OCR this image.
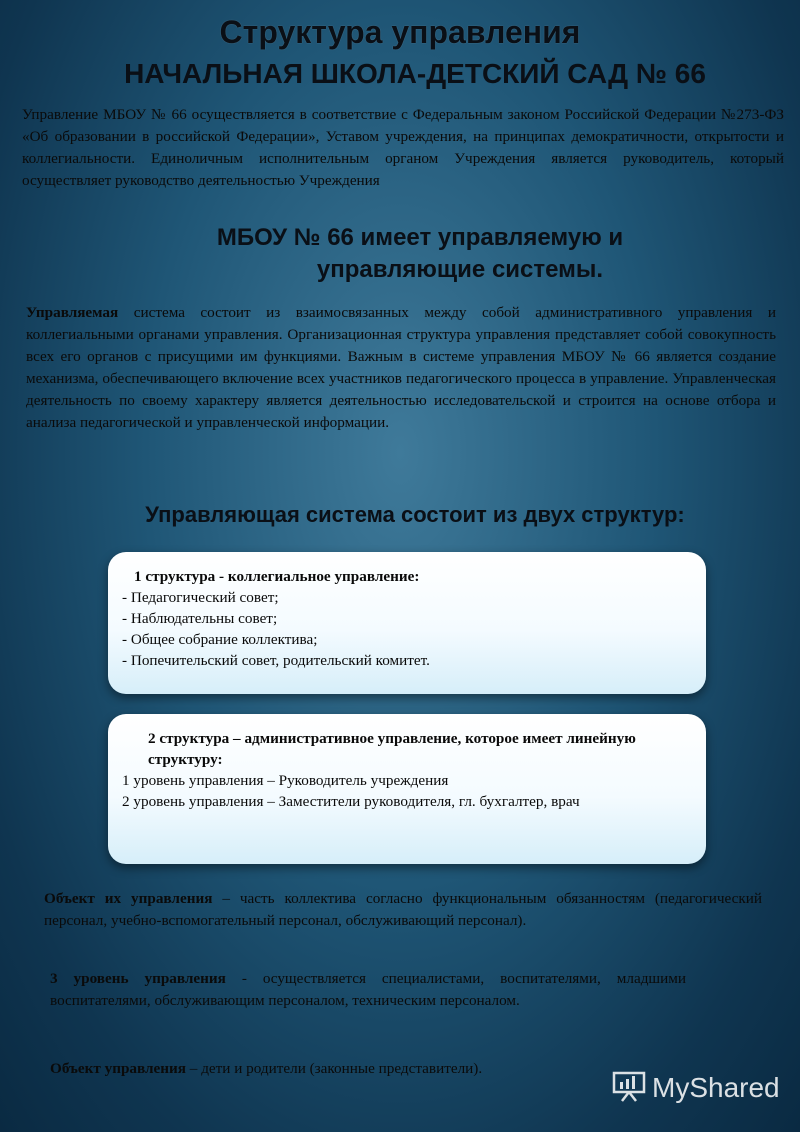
Структура управления
НАЧАЛЬНАЯ ШКОЛА-ДЕТСКИЙ САД № 66
Управление МБОУ № 66 осуществляется в соответствие с Федеральным законом Российской Федерации №273-ФЗ «Об образовании в российской Федерации», Уставом учреждения, на принципах демократичности, открытости и коллегиальности. Единоличным исполнительным органом Учреждения является руководитель, который осуществляет руководство деятельностью Учреждения
МБОУ № 66 имеет управляемую и
управляющие системы.
Управляемая система состоит из взаимосвязанных между собой административного управления и коллегиальными органами управления. Организационная структура управления представляет собой совокупность всех его органов с присущими им функциями. Важным в системе управления МБОУ № 66 является создание механизма, обеспечивающего включение всех участников педагогического процесса в управление. Управленческая деятельность по своему характеру является деятельностью исследовательской и строится на основе отбора и анализа педагогической и управленческой информации.
Управляющая система состоит из двух структур:
1 структура - коллегиальное управление:
- Педагогический совет;
- Наблюдательны совет;
- Общее собрание коллектива;
- Попечительский совет, родительский комитет.
2 структура – административное управление, которое имеет линейную структуру:
1 уровень управления – Руководитель учреждения
2 уровень управления – Заместители руководителя, гл. бухгалтер, врач
Объект их управления – часть коллектива согласно функциональным обязанностям (педагогический персонал, учебно-вспомогательный персонал, обслуживающий персонал).
3 уровень управления - осуществляется специалистами, воспитателями, младшими воспитателями, обслуживающим персоналом, техническим персоналом.
Объект управления – дети и родители (законные представители).
MyShared
